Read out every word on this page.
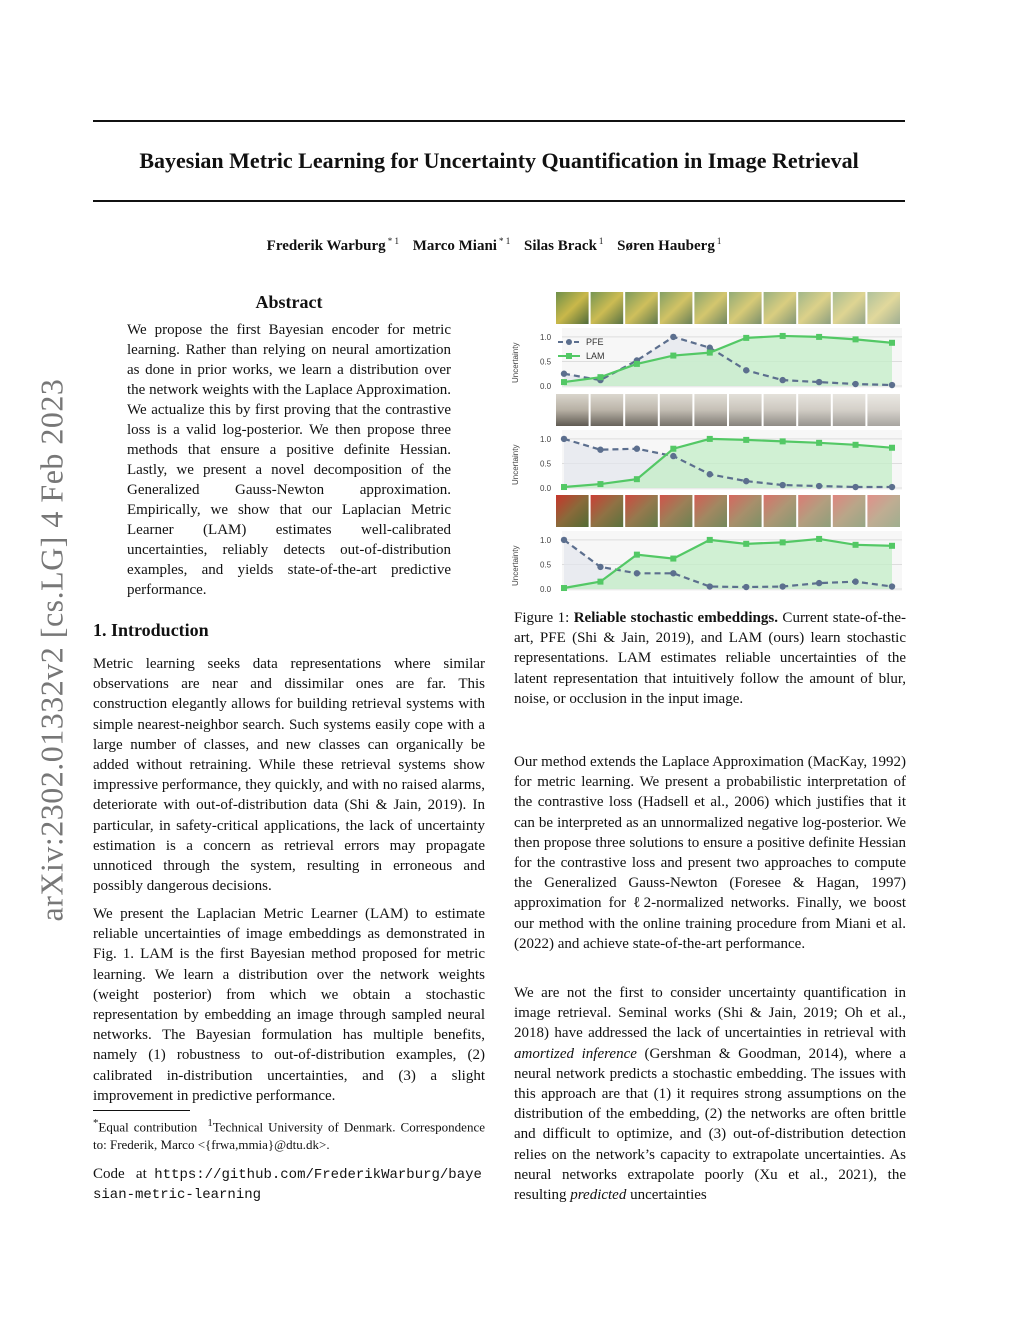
Bayesian Metric Learning for Uncertainty Quantification in Image Retrieval
Frederik Warburg $^{* 1}$ Marco Miani $^{* 1}$ Silas Brack $^1$ Søren Hauberg $^1$
arXiv:2302.01332v2 [cs.LG] 4 Feb 2023
Abstract
We propose the first Bayesian encoder for metric learning. Rather than relying on neural amortization as done in prior works, we learn a distribution over the network weights with the Laplace Approximation. We actualize this by first proving that the contrastive loss is a valid log-posterior. We then propose three methods that ensure a positive definite Hessian. Lastly, we present a novel decomposition of the Generalized Gauss-Newton approximation. Empirically, we show that our Laplacian Metric Learner (LAM) estimates well-calibrated uncertainties, reliably detects out-of-distribution examples, and yields state-of-the-art predictive performance.
1. Introduction
Metric learning seeks data representations where similar observations are near and dissimilar ones are far. This construction elegantly allows for building retrieval systems with simple nearest-neighbor search. Such systems easily cope with a large number of classes, and new classes can organically be added without retraining. While these retrieval systems show impressive performance, they quickly, and with no raised alarms, deteriorate with out-of-distribution data (Shi & Jain, 2019). In particular, in safety-critical applications, the lack of uncertainty estimation is a concern as retrieval errors may propagate unnoticed through the system, resulting in erroneous and possibly dangerous decisions.
We present the Laplacian Metric Learner (LAM) to estimate reliable uncertainties of image embeddings as demonstrated in Fig. 1. LAM is the first Bayesian method proposed for metric learning. We learn a distribution over the network weights (weight posterior) from which we obtain a stochastic representation by embedding an image through sampled neural networks. The Bayesian formulation has multiple benefits, namely (1) robustness to out-of-distribution examples, (2) calibrated in-distribution uncertainties, and (3) a slight improvement in predictive performance.
1.0
0.5
0.0
Uncertainty
PFE
LAM
1.0
0.5
0.0
Uncertainty
1.0
0.5
0.0
Uncertainty
Figure 1: Reliable stochastic embeddings. Current state-of-the-art, PFE (Shi & Jain, 2019), and LAM (ours) learn stochastic representations. LAM estimates reliable uncertainties of the latent representation that intuitively follow the amount of blur, noise, or occlusion in the input image.
Our method extends the Laplace Approximation (MacKay, 1992) for metric learning. We present a probabilistic interpretation of the contrastive loss (Hadsell et al., 2006) which justifies that it can be interpreted as an unnormalized negative log-posterior. We then propose three solutions to ensure a positive definite Hessian for the contrastive loss and present two approaches to compute the Generalized Gauss-Newton (Foresee & Hagan, 1997) approximation for ℓ2-normalized networks. Finally, we boost our method with the online training procedure from Miani et al. (2022) and achieve state-of-the-art performance.
We are not the first to consider uncertainty quantification in image retrieval. Seminal works (Shi & Jain, 2019; Oh et al., 2018) have addressed the lack of uncertainties in retrieval with amortized inference (Gershman & Goodman, 2014), where a neural network predicts a stochastic embedding. The issues with this approach are that (1) it requires strong assumptions on the distribution of the embedding, (2) the networks are often brittle and difficult to optimize, and (3) out-of-distribution detection relies on the network’s capacity to extrapolate uncertainties. As neural networks extrapolate poorly (Xu et al., 2021), the resulting predicted uncertainties
*Equal contribution $^1$Technical University of Denmark. Correspondence to: Frederik, Marco <{frwa,mmia}@dtu.dk>.
Code   at https://github.com/FrederikWarburg/bayesian-metric-learning
